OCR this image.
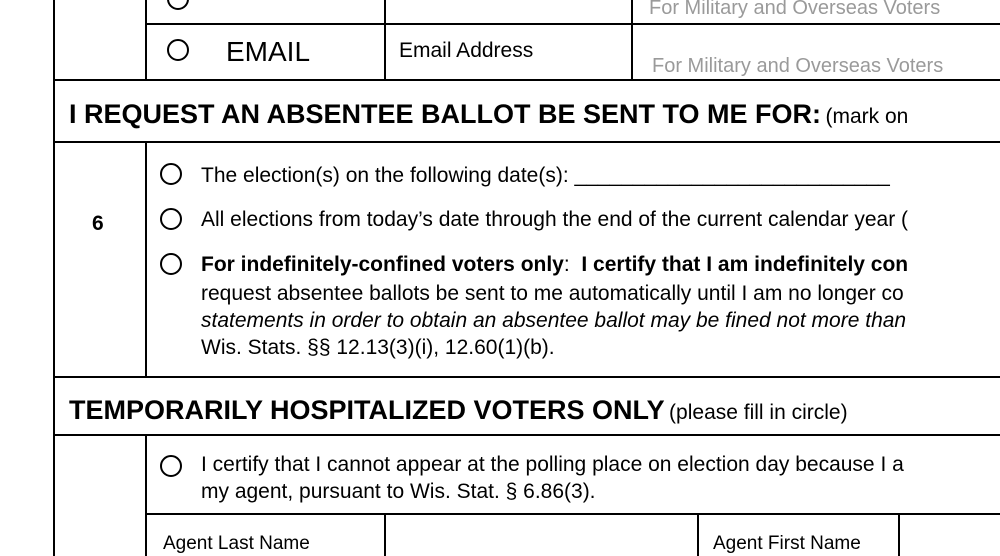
For Military and Overseas Voters
EMAIL	Email Address
For Military and Overseas Voters
I REQUEST AN ABSENTEE BALLOT BE SENT TO ME FOR: (mark on
6
The election(s) on the following date(s): ___________________________
All elections from today’s date through the end of the current calendar year (
For indefinitely-confined voters only: I certify that I am indefinitely con
request absentee ballots be sent to me automatically until I am no longer co
statements in order to obtain an absentee ballot may be fined not more than
Wis. Stats. §§ 12.13(3)(i), 12.60(1)(b).
TEMPORARILY HOSPITALIZED VOTERS ONLY (please fill in circle)
I certify that I cannot appear at the polling place on election day because I a
my agent, pursuant to Wis. Stat. § 6.86(3).
Agent Last Name	Agent First Name
